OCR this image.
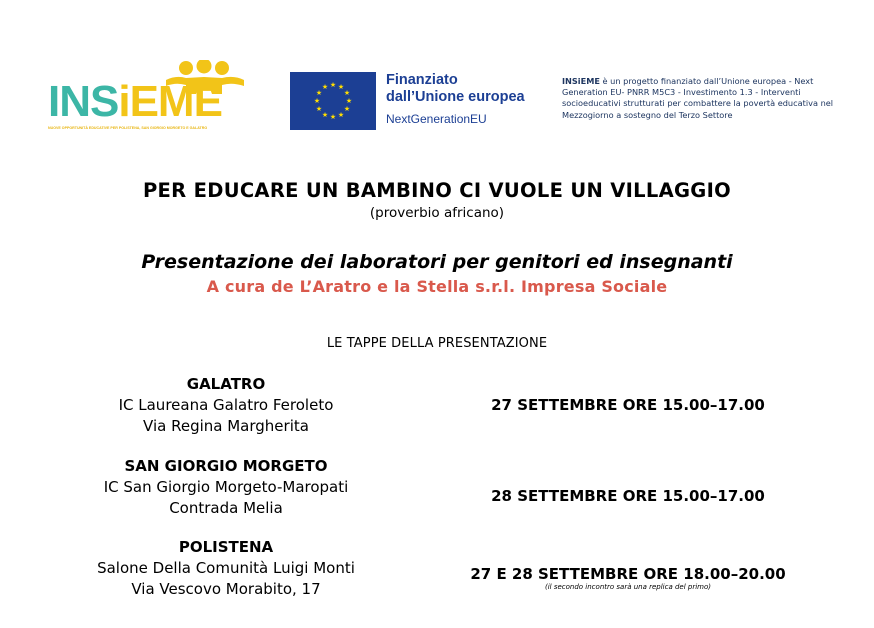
INSiEME
NUOVE OPPORTUNITÀ EDUCATIVE PER POLISTENA, SAN GIORGIO MORGETO E GALATRO
★ ★
★
★
★
★
★
★
★
★
★
★	Finanziato
dall’Unione europea
NextGenerationEU
INSiEME è un progetto finanziato dall’Unione europea - Next Generation EU- PNRR M5C3 - Investimento 1.3 - Interventi socioeducativi strutturati per combattere la povertà educativa nel Mezzogiorno a sostegno del Terzo Settore
PER EDUCARE UN BAMBINO CI VUOLE UN VILLAGGIO
(proverbio africano)
Presentazione dei laboratori per genitori ed insegnanti
A cura de L’Aratro e la Stella s.r.l. Impresa Sociale
LE TAPPE DELLA PRESENTAZIONE
GALATRO
IC Laureana Galatro Feroleto
Via Regina Margherita
27 SETTEMBRE ORE 15.00–17.00
SAN GIORGIO MORGETO
IC San Giorgio Morgeto-Maropati
Contrada Melia
28 SETTEMBRE ORE 15.00–17.00
POLISTENA
Salone Della Comunità Luigi Monti
Via Vescovo Morabito, 17
27 E 28 SETTEMBRE ORE 18.00–20.00
(il secondo incontro sarà una replica del primo)
